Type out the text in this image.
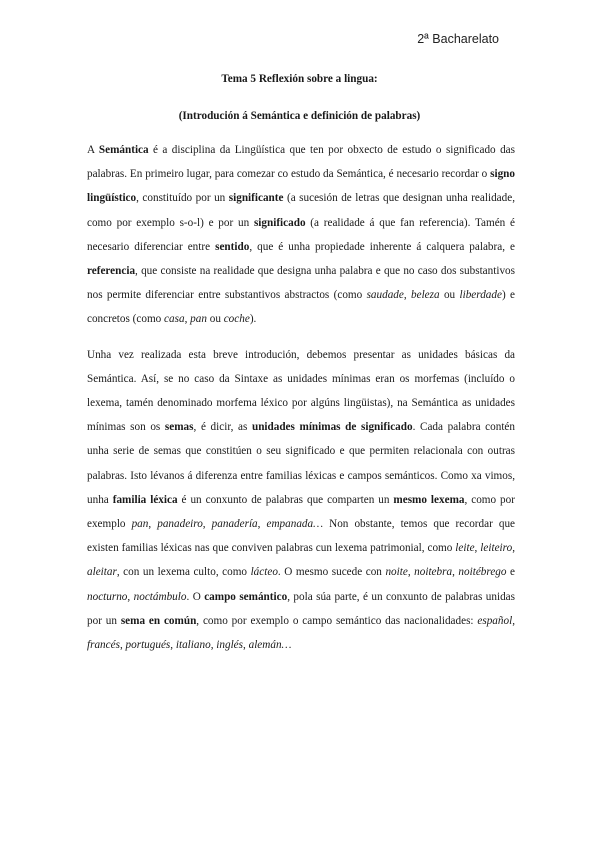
2ª Bacharelato
Tema 5 Reflexión sobre a lingua:
(Introdución á Semántica e definición de palabras)

A Semántica é a disciplina da Lingüística que ten por obxecto de estudo o significado das palabras. En primeiro lugar, para comezar co estudo da Semántica, é necesario recordar o signo lingüístico, constituído por un significante (a sucesión de letras que designan unha realidade, como por exemplo s-o-l) e por un significado (a realidade á que fan referencia). Tamén é necesario diferenciar entre sentido, que é unha propiedade inherente á calquera palabra, e referencia, que consiste na realidade que designa unha palabra e que no caso dos substantivos nos permite diferenciar entre substantivos abstractos (como saudade, beleza ou liberdade) e concretos (como casa, pan ou coche).

Unha vez realizada esta breve introdución, debemos presentar as unidades básicas da Semántica. Así, se no caso da Sintaxe as unidades mínimas eran os morfemas (incluído o lexema, tamén denominado morfema léxico por algúns lingüistas), na Semántica as unidades mínimas son os semas, é dicir, as unidades mínimas de significado. Cada palabra contén unha serie de semas que constitúen o seu significado e que permiten relacionala con outras palabras. Isto lévanos á diferenza entre familias léxicas e campos semánticos. Como xa vimos, unha familia léxica é un conxunto de palabras que comparten un mesmo lexema, como por exemplo pan, panadeiro, panadería, empanada… Non obstante, temos que recordar que existen familias léxicas nas que conviven palabras cun lexema patrimonial, como leite, leiteiro, aleitar, con un lexema culto, como lácteo. O mesmo sucede con noite, noitebra, noitébrego e nocturno, noctámbulo. O campo semántico, pola súa parte, é un conxunto de palabras unidas por un sema en común, como por exemplo o campo semántico das nacionalidades: español, francés, portugués, italiano, inglés, alemán…
